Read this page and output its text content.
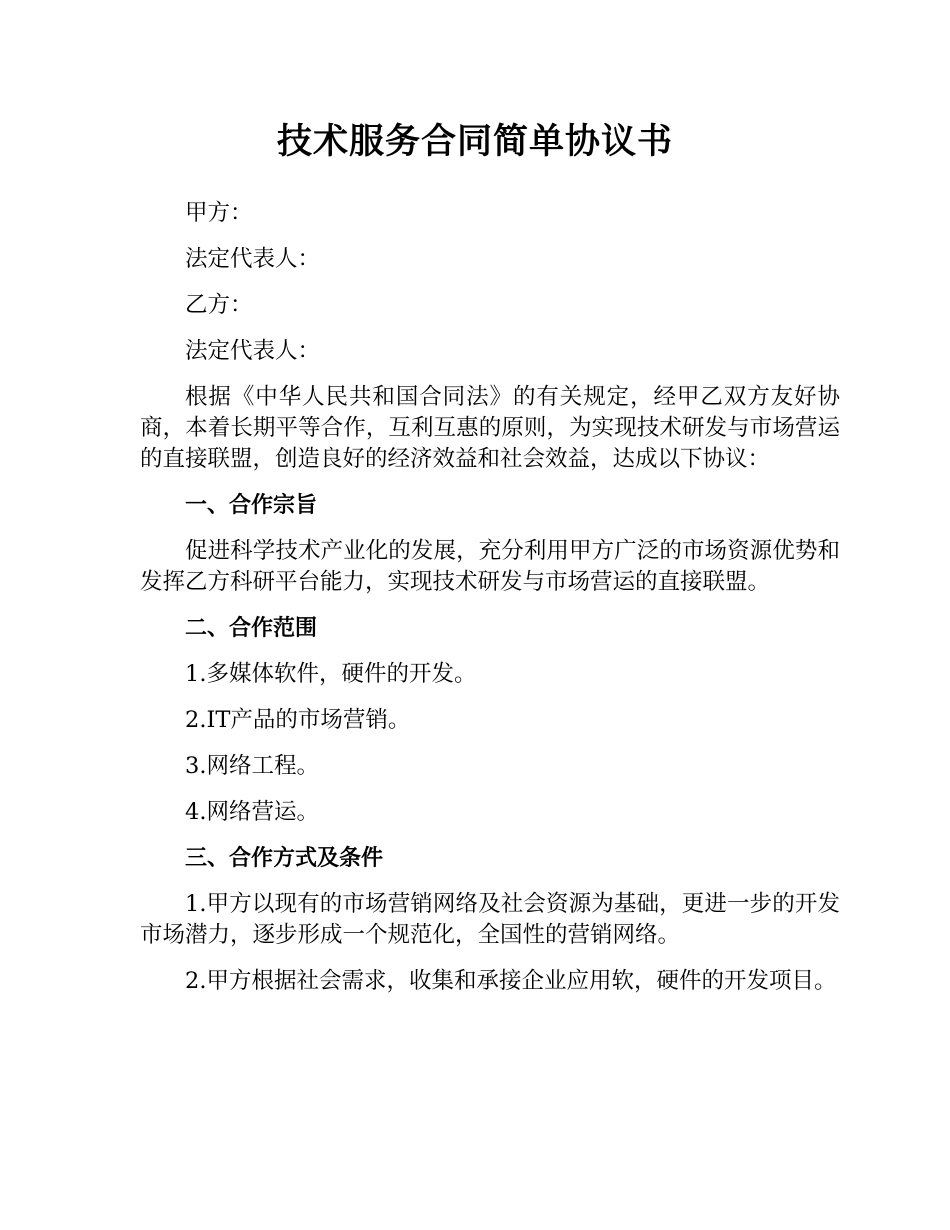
技术服务合同简单协议书

甲方：

法定代表人：

乙方：

法定代表人：

根据《中华人民共和国合同法》的有关规定，经甲乙双方友好协商，本着长期平等合作，互利互惠的原则，为实现技术研发与市场营运的直接联盟，创造良好的经济效益和社会效益，达成以下协议：

一、合作宗旨

促进科学技术产业化的发展，充分利用甲方广泛的市场资源优势和发挥乙方科研平台能力，实现技术研发与市场营运的直接联盟。

二、合作范围

1.多媒体软件，硬件的开发。

2.IT产品的市场营销。

3.网络工程。

4.网络营运。

三、合作方式及条件

1.甲方以现有的市场营销网络及社会资源为基础，更进一步的开发市场潜力，逐步形成一个规范化，全国性的营销网络。

2.甲方根据社会需求，收集和承接企业应用软，硬件的开发项目。
